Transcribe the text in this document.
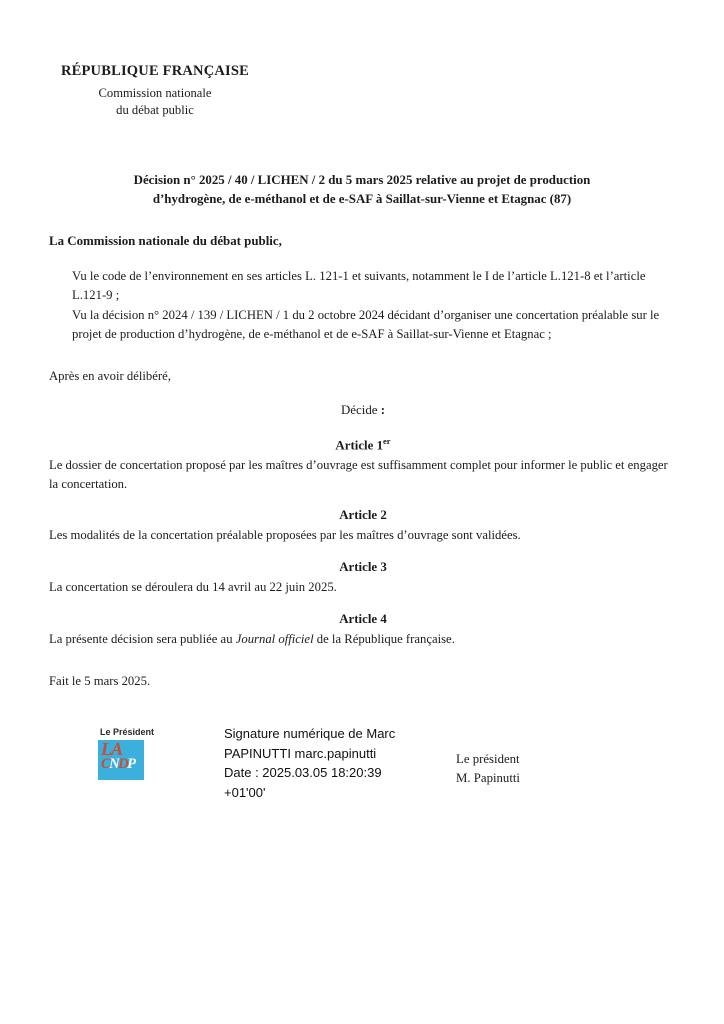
RÉPUBLIQUE FRANÇAISE
Commission nationale
du débat public
Décision n° 2025 / 40 / LICHEN / 2 du 5 mars 2025 relative au projet de production
d’hydrogène, de e-méthanol et de e-SAF à Saillat-sur-Vienne et Etagnac (87)
La Commission nationale du débat public,

Vu le code de l’environnement en ses articles L. 121-1 et suivants, notamment le I de l’article L.121-8 et l’article L.121-9 ;

Vu la décision n° 2024 / 139 / LICHEN / 1 du 2 octobre 2024 décidant d’organiser une concertation préalable sur le projet de production d’hydrogène, de e-méthanol et de e-SAF à Saillat-sur-Vienne et Etagnac ;

Après en avoir délibéré,
Décide :
Article 1er
Le dossier de concertation proposé par les maîtres d’ouvrage est suffisamment complet pour informer le public et engager la concertation.
Article 2
Les modalités de la concertation préalable proposées par les maîtres d’ouvrage sont validées.
Article 3
La concertation se déroulera du 14 avril au 22 juin 2025.
Article 4
La présente décision sera publiée au Journal officiel de la République française.
Fait le 5 mars 2025.
Le Président
LA
CNDP
Signature numérique de Marc
PAPINUTTI marc.papinutti
Date : 2025.03.05 18:20:39
+01'00'
Le président
M. Papinutti
